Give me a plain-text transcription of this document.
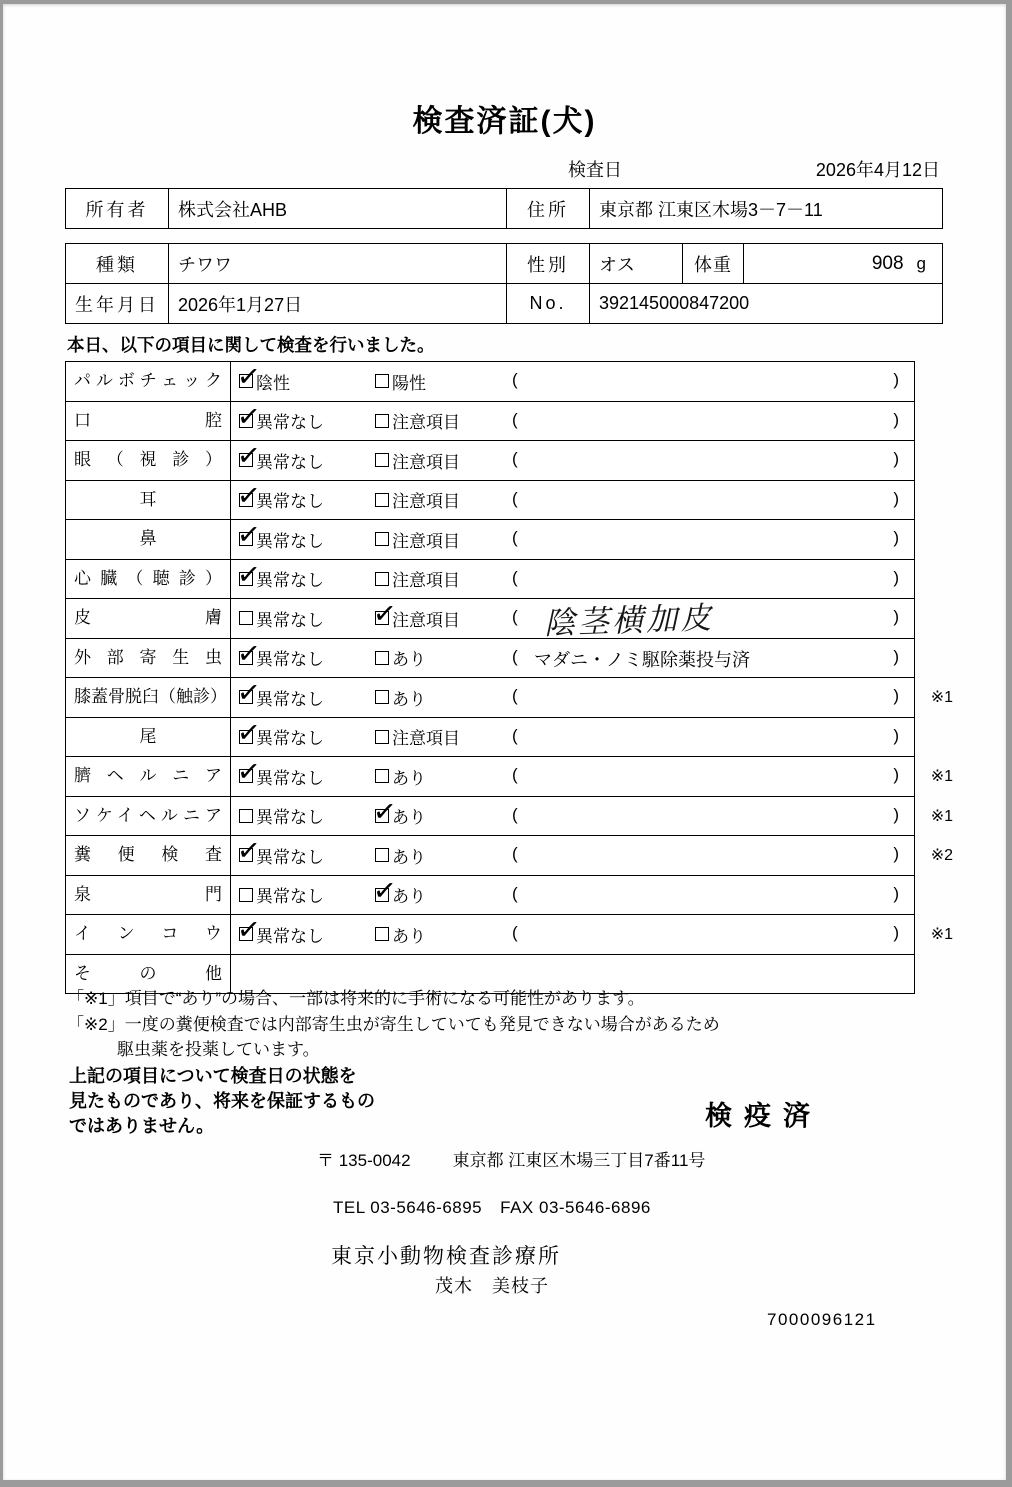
検査済証(犬)
検査日	2026年4月12日
所有者	株式会社AHB	住所	東京都 江東区木場3－7－11
種類	チワワ	性別	オス	体重	908 g
生年月日	2026年1月27日	No.	392145000847200
本日、以下の項目に関して検査を行いました。
パルボチェック ✓	陰性	陽性	(	)
口腔 ✓	異常なし	注意項目	(	)
眼（視診） ✓	異常なし	注意項目	(	)
耳 ✓	異常なし	注意項目	(	)
鼻 ✓	異常なし	注意項目	(	)
心臓（聴診） ✓	異常なし	注意項目	(	)
皮膚	異常なし ✓	注意項目	( 陰茎横加皮	)
外部寄生虫 ✓	異常なし	あり	( マダニ・ノミ駆除薬投与済	)
膝蓋骨脱臼（触診） ✓ 異常なし	あり	(	) ※1
尾 ✓	異常なし	注意項目	(	)
臍ヘルニア ✓	異常なし	あり	(	) ※1
ソケイヘルニア	異常なし ✓	あり	(	) ※1
糞便検査 ✓	異常なし	あり	(	) ※2
泉門	異常なし ✓	あり	(	)
インコウ ✓	異常なし	あり	(	) ※1
その他
「※1」項目で“あり”の場合、一部は将来的に手術になる可能性があります。
「※2」一度の糞便検査では内部寄生虫が寄生していても発見できない場合があるため
駆虫薬を投薬しています。
上記の項目について検査日の状態を
見たものであり、将来を保証するもの
ではありません。	検疫済
〒 135-0042 東京都 江東区木場三丁目7番11号
TEL 03-5646-6895 FAX 03-5646-6896
東京小動物検査診療所
茂木　美枝子
7000096121
